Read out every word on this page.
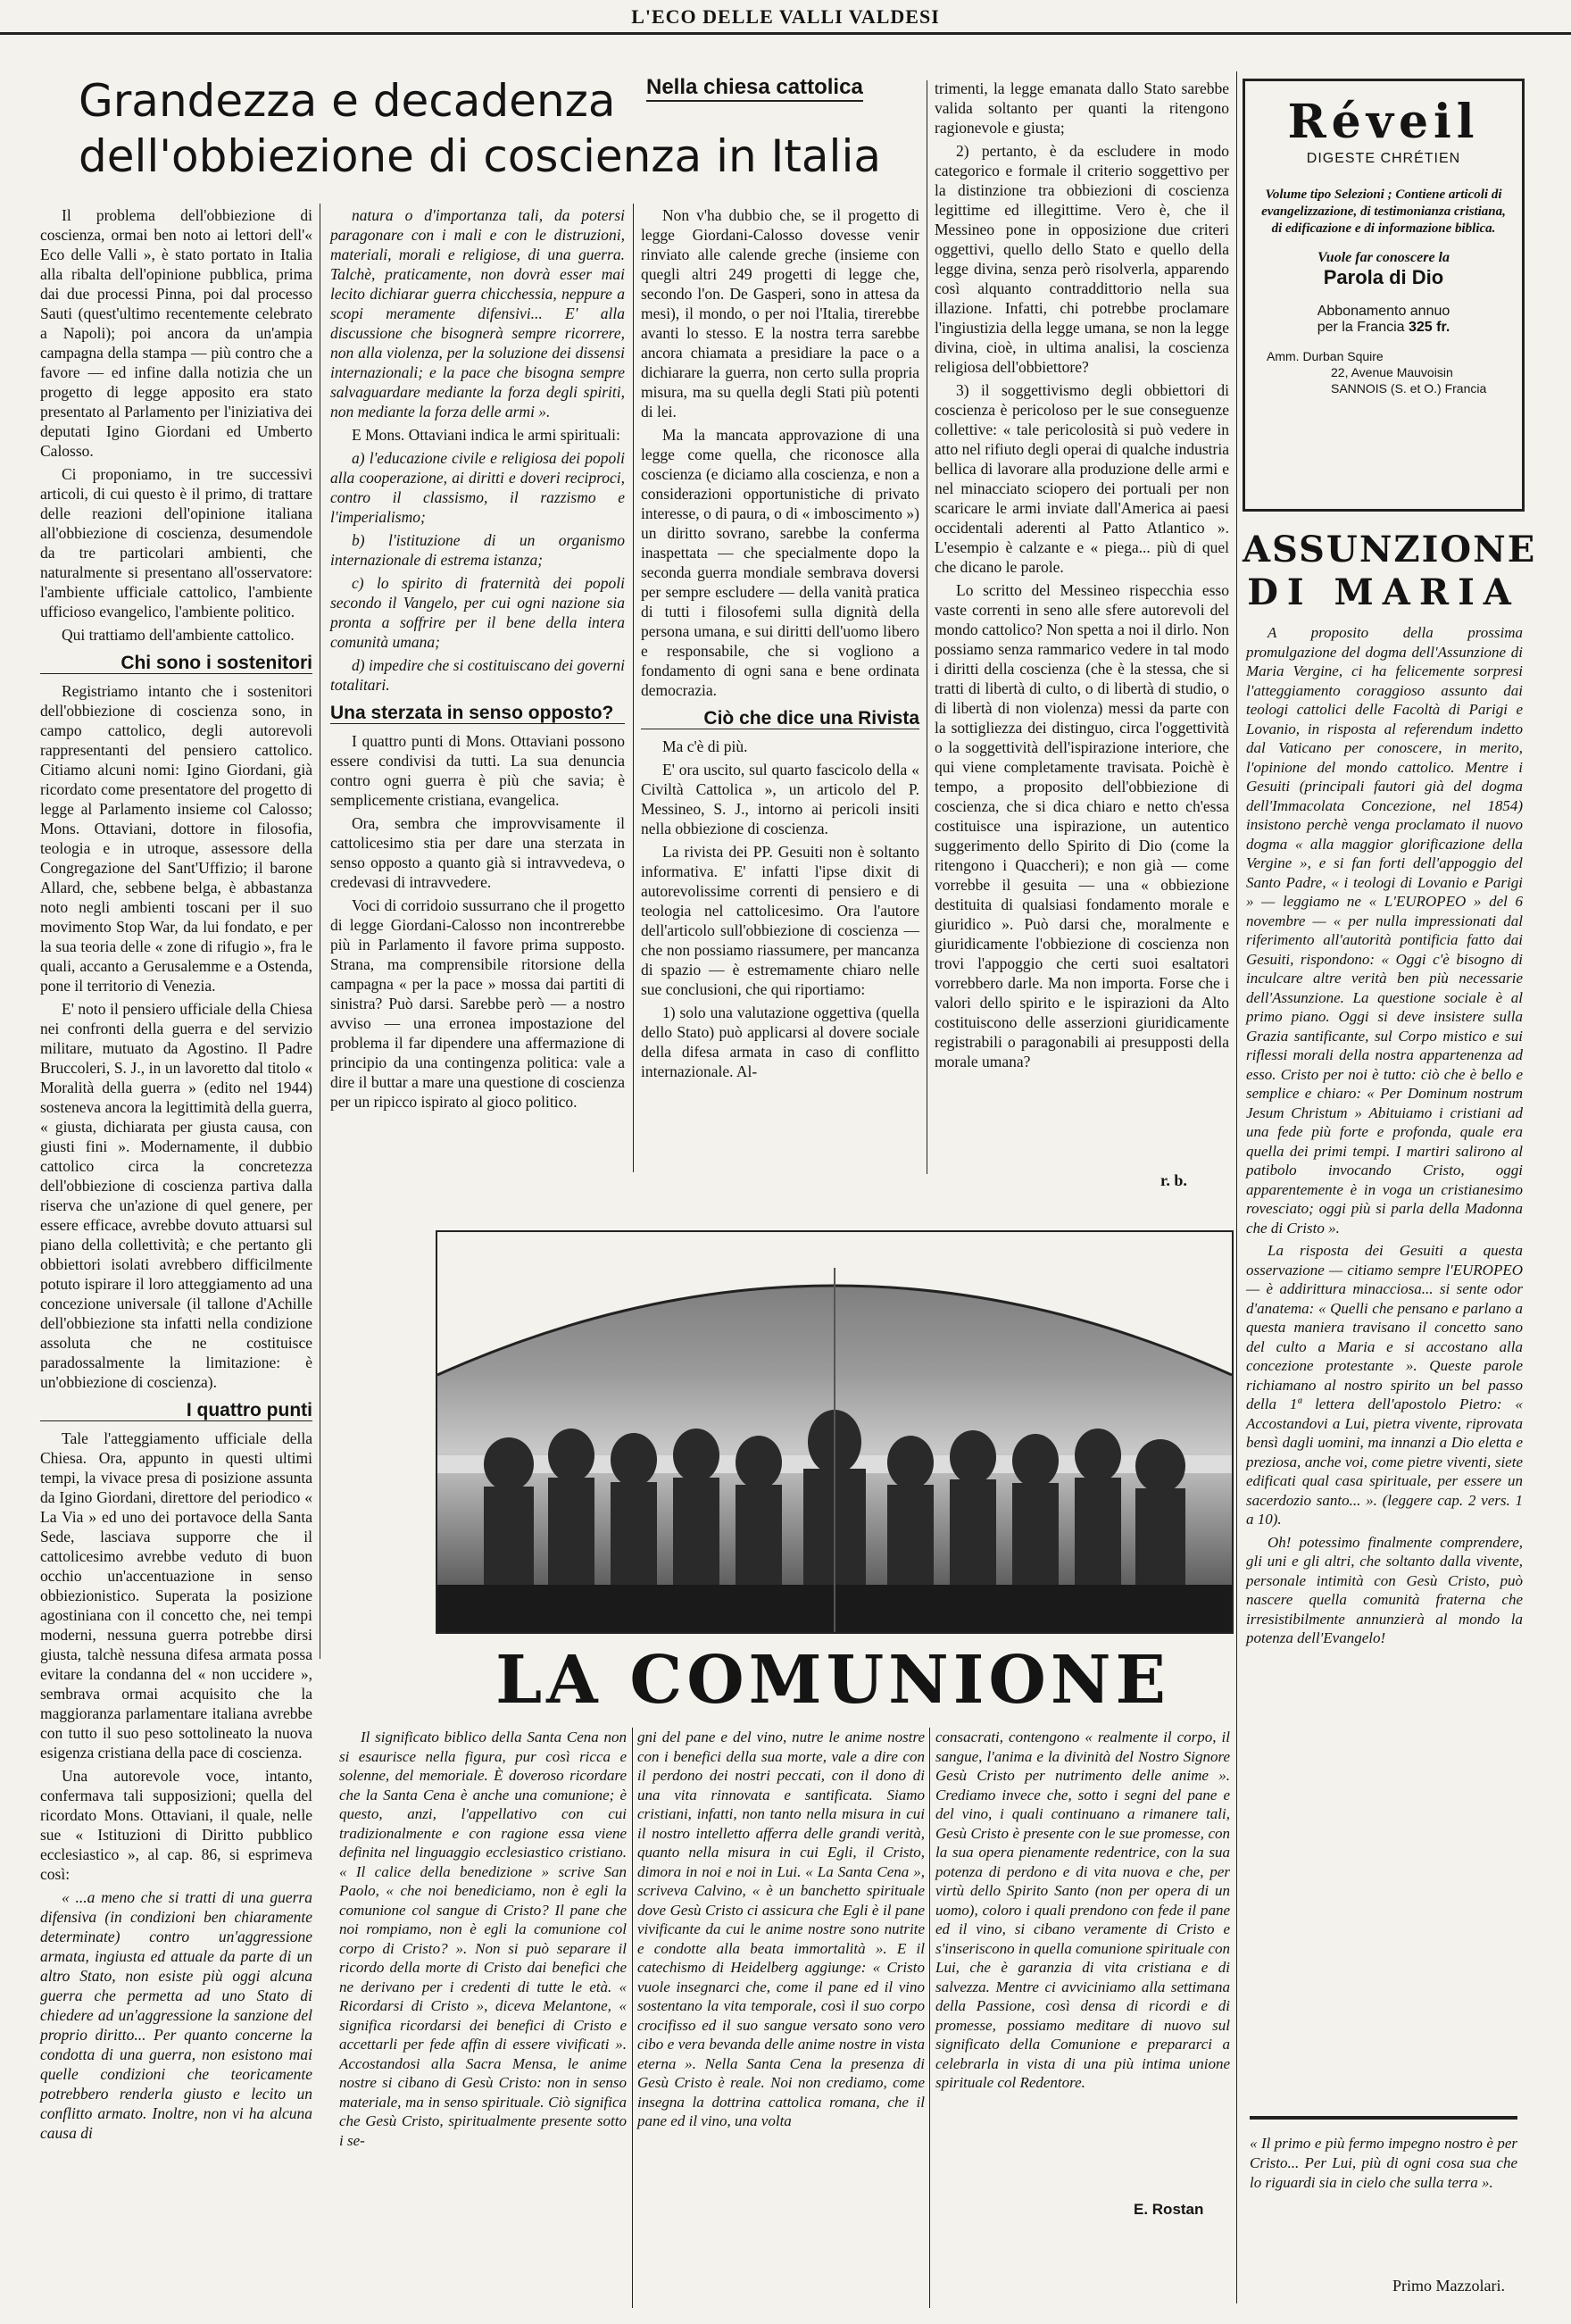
L'ECO DELLE VALLI VALDESI
Grandezza e decadenza
dell'obbiezione di coscienza in Italia
Nella chiesa cattolica

Il problema dell'obbiezione di coscienza, ormai ben noto ai lettori dell'« Eco delle Valli », è stato portato in Italia alla ribalta dell'opinione pubblica, prima dai due processi Pinna, poi dal processo Sauti (quest'ultimo recentemente celebrato a Napoli); poi ancora da un'ampia campagna della stampa — più contro che a favore — ed infine dalla notizia che un progetto di legge apposito era stato presentato al Parlamento per l'iniziativa dei deputati Igino Giordani ed Umberto Calosso.

Ci proponiamo, in tre successivi articoli, di cui questo è il primo, di trattare delle reazioni dell'opinione italiana all'obbiezione di coscienza, desumendole da tre particolari ambienti, che naturalmente si presentano all'osservatore: l'ambiente ufficiale cattolico, l'ambiente ufficioso evangelico, l'ambiente politico.

Qui trattiamo dell'ambiente cattolico.

Chi sono i sostenitori

Registriamo intanto che i sostenitori dell'obbiezione di coscienza sono, in campo cattolico, degli autorevoli rappresentanti del pensiero cattolico. Citiamo alcuni nomi: Igino Giordani, già ricordato come presentatore del progetto di legge al Parlamento insieme col Calosso; Mons. Ottaviani, dottore in filosofia, teologia e in utroque, assessore della Congregazione del Sant'Uffizio; il barone Allard, che, sebbene belga, è abbastanza noto negli ambienti toscani per il suo movimento Stop War, da lui fondato, e per la sua teoria delle « zone di rifugio », fra le quali, accanto a Gerusalemme e a Ostenda, pone il territorio di Venezia.

E' noto il pensiero ufficiale della Chiesa nei confronti della guerra e del servizio militare, mutuato da Agostino. Il Padre Bruccoleri, S. J., in un lavoretto dal titolo « Moralità della guerra » (edito nel 1944) sosteneva ancora la legittimità della guerra, « giusta, dichiarata per giusta causa, con giusti fini ». Modernamente, il dubbio cattolico circa la concretezza dell'obbiezione di coscienza partiva dalla riserva che un'azione di quel genere, per essere efficace, avrebbe dovuto attuarsi sul piano della collettività; e che pertanto gli obbiettori isolati avrebbero difficilmente potuto ispirare il loro atteggiamento ad una concezione universale (il tallone d'Achille dell'obbiezione sta infatti nella condizione assoluta che ne costituisce paradossalmente la limitazione: è un'obbiezione di coscienza).

I quattro punti

Tale l'atteggiamento ufficiale della Chiesa. Ora, appunto in questi ultimi tempi, la vivace presa di posizione assunta da Igino Giordani, direttore del periodico « La Via » ed uno dei portavoce della Santa Sede, lasciava supporre che il cattolicesimo avrebbe veduto di buon occhio un'accentuazione in senso obbiezionistico. Superata la posizione agostiniana con il concetto che, nei tempi moderni, nessuna guerra potrebbe dirsi giusta, talchè nessuna difesa armata possa evitare la condanna del « non uccidere », sembrava ormai acquisito che la maggioranza parlamentare italiana avrebbe con tutto il suo peso sottolineato la nuova esigenza cristiana della pace di coscienza.

Una autorevole voce, intanto, confermava tali supposizioni; quella del ricordato Mons. Ottaviani, il quale, nelle sue « Istituzioni di Diritto pubblico ecclesiastico », al cap. 86, si esprimeva così:

« ...a meno che si tratti di una guerra difensiva (in condizioni ben chiaramente determinate) contro un'aggressione armata, ingiusta ed attuale da parte di un altro Stato, non esiste più oggi alcuna guerra che permetta ad uno Stato di chiedere ad un'aggressione la sanzione del proprio diritto... Per quanto concerne la condotta di una guerra, non esistono mai quelle condizioni che teoricamente potrebbero renderla giusto e lecito un conflitto armato. Inoltre, non vi ha alcuna causa di

natura o d'importanza tali, da potersi paragonare con i mali e con le distruzioni, materiali, morali e religiose, di una guerra. Talchè, praticamente, non dovrà esser mai lecito dichiarar guerra chicchessia, neppure a scopi meramente difensivi... E' alla discussione che bisognerà sempre ricorrere, non alla violenza, per la soluzione dei dissensi internazionali; e la pace che bisogna sempre salvaguardare mediante la forza degli spiriti, non mediante la forza delle armi ».

E Mons. Ottaviani indica le armi spirituali:

a) l'educazione civile e religiosa dei popoli alla cooperazione, ai diritti e doveri reciproci, contro il classismo, il razzismo e l'imperialismo;

b) l'istituzione di un organismo internazionale di estrema istanza;

c) lo spirito di fraternità dei popoli secondo il Vangelo, per cui ogni nazione sia pronta a soffrire per il bene della intera comunità umana;

d) impedire che si costituiscano dei governi totalitari.

Una sterzata in senso opposto?

I quattro punti di Mons. Ottaviani possono essere condivisi da tutti. La sua denuncia contro ogni guerra è più che savia; è semplicemente cristiana, evangelica.

Ora, sembra che improvvisamente il cattolicesimo stia per dare una sterzata in senso opposto a quanto già si intravvedeva, o credevasi di intravvedere.

Voci di corridoio sussurrano che il progetto di legge Giordani-Calosso non incontrerebbe più in Parlamento il favore prima supposto. Strana, ma comprensibile ritorsione della campagna « per la pace » mossa dai partiti di sinistra? Può darsi. Sarebbe però — a nostro avviso — una erronea impostazione del problema il far dipendere una affermazione di principio da una contingenza politica: vale a dire il buttar a mare una questione di coscienza per un ripicco ispirato al gioco politico.

Non v'ha dubbio che, se il progetto di legge Giordani-Calosso dovesse venir rinviato alle calende greche (insieme con quegli altri 249 progetti di legge che, secondo l'on. De Gasperi, sono in attesa da mesi), il mondo, o per noi l'Italia, tirerebbe avanti lo stesso. E la nostra terra sarebbe ancora chiamata a presidiare la pace o a dichiarare la guerra, non certo sulla propria misura, ma su quella degli Stati più potenti di lei.

Ma la mancata approvazione di una legge come quella, che riconosce alla coscienza (e diciamo alla coscienza, e non a considerazioni opportunistiche di privato interesse, o di paura, o di « imboscimento ») un diritto sovrano, sarebbe la conferma inaspettata — che specialmente dopo la seconda guerra mondiale sembrava doversi per sempre escludere — della vanità pratica di tutti i filosofemi sulla dignità della persona umana, e sui diritti dell'uomo libero e responsabile, che si vogliono a fondamento di ogni sana e bene ordinata democrazia.

Ciò che dice una Rivista

Ma c'è di più.

E' ora uscito, sul quarto fascicolo della « Civiltà Cattolica », un articolo del P. Messineo, S. J., intorno ai pericoli insiti nella obbiezione di coscienza.

La rivista dei PP. Gesuiti non è soltanto informativa. E' infatti l'ipse dixit di autorevolissime correnti di pensiero e di teologia nel cattolicesimo. Ora l'autore dell'articolo sull'obbiezione di coscienza — che non possiamo riassumere, per mancanza di spazio — è estremamente chiaro nelle sue conclusioni, che qui riportiamo:

1) solo una valutazione oggettiva (quella dello Stato) può applicarsi al dovere sociale della difesa armata in caso di conflitto internazionale. Al-

trimenti, la legge emanata dallo Stato sarebbe valida soltanto per quanti la ritengono ragionevole e giusta;

2) pertanto, è da escludere in modo categorico e formale il criterio soggettivo per la distinzione tra obbiezioni di coscienza legittime ed illegittime. Vero è, che il Messineo pone in opposizione due criteri oggettivi, quello dello Stato e quello della legge divina, senza però risolverla, apparendo così alquanto contraddittorio nella sua illazione. Infatti, chi potrebbe proclamare l'ingiustizia della legge umana, se non la legge divina, cioè, in ultima analisi, la coscienza religiosa dell'obbiettore?

3) il soggettivismo degli obbiettori di coscienza è pericoloso per le sue conseguenze collettive: « tale pericolosità si può vedere in atto nel rifiuto degli operai di qualche industria bellica di lavorare alla produzione delle armi e nel minacciato sciopero dei portuali per non scaricare le armi inviate dall'America ai paesi occidentali aderenti al Patto Atlantico ». L'esempio è calzante e « piega... più di quel che dicano le parole.

Lo scritto del Messineo rispecchia esso vaste correnti in seno alle sfere autorevoli del mondo cattolico? Non spetta a noi il dirlo. Non possiamo senza rammarico vedere in tal modo i diritti della coscienza (che è la stessa, che si tratti di libertà di culto, o di libertà di studio, o di libertà di non violenza) messi da parte con la sottigliezza dei distinguo, circa l'oggettività o la soggettività dell'ispirazione interiore, che qui viene completamente travisata. Poichè è tempo, a proposito dell'obbiezione di coscienza, che si dica chiaro e netto ch'essa costituisce una ispirazione, un autentico suggerimento dello Spirito di Dio (come la ritengono i Quaccheri); e non già — come vorrebbe il gesuita — una « obbiezione destituita di qualsiasi fondamento morale e giuridico ». Può darsi che, moralmente e giuridicamente l'obbiezione di coscienza non trovi l'appoggio che certi suoi esaltatori vorrebbero darle. Ma non importa. Forse che i valori dello spirito e le ispirazioni da Alto costituiscono delle asserzioni giuridicamente registrabili o paragonabili ai presupposti della morale umana?

r. b.
Réveil
DIGESTE CHRÉTIEN
Volume tipo Selezioni ; Contiene articoli di evangelizzazione, di testimonianza cristiana, di edificazione e di informazione biblica.
Vuole far conoscere la
Parola di Dio
Abbonamento annuo
per la Francia 325 fr.
Amm. Durban Squire
22, Avenue Mauvoisin
SANNOIS (S. et O.) Francia
ASSUNZIONE
DI MARIA

A proposito della prossima promulgazione del dogma dell'Assunzione di Maria Vergine, ci ha felicemente sorpresi l'atteggiamento coraggioso assunto dai teologi cattolici delle Facoltà di Parigi e Lovanio, in risposta al referendum indetto dal Vaticano per conoscere, in merito, l'opinione del mondo cattolico. Mentre i Gesuiti (principali fautori già del dogma dell'Immacolata Concezione, nel 1854) insistono perchè venga proclamato il nuovo dogma « alla maggior glorificazione della Vergine », e si fan forti dell'appoggio del Santo Padre, « i teologi di Lovanio e Parigi » — leggiamo ne « L'EUROPEO » del 6 novembre — « per nulla impressionati dal riferimento all'autorità pontificia fatto dai Gesuiti, rispondono: « Oggi c'è bisogno di inculcare altre verità ben più necessarie dell'Assunzione. La questione sociale è al primo piano. Oggi si deve insistere sulla Grazia santificante, sul Corpo mistico e sui riflessi morali della nostra appartenenza ad esso. Cristo per noi è tutto: ciò che è bello e semplice e chiaro: « Per Dominum nostrum Jesum Christum » Abituiamo i cristiani ad una fede più forte e profonda, quale era quella dei primi tempi. I martiri salirono al patibolo invocando Cristo, oggi apparentemente è in voga un cristianesimo rovesciato; oggi più si parla della Madonna che di Cristo ».

La risposta dei Gesuiti a questa osservazione — citiamo sempre l'EUROPEO — è addirittura minacciosa... si sente odor d'anatema: « Quelli che pensano e parlano a questa maniera travisano il concetto sano del culto a Maria e si accostano alla concezione protestante ». Queste parole richiamano al nostro spirito un bel passo della 1ª lettera dell'apostolo Pietro: « Accostandovi a Lui, pietra vivente, riprovata bensì dagli uomini, ma innanzi a Dio eletta e preziosa, anche voi, come pietre viventi, siete edificati qual casa spirituale, per essere un sacerdozio santo... ». (leggere cap. 2 vers. 1 a 10).

Oh! potessimo finalmente comprendere, gli uni e gli altri, che soltanto dalla vivente, personale intimità con Gesù Cristo, può nascere quella comunità fraterna che irresistibilmente annunzierà al mondo la potenza dell'Evangelo!

« Il primo e più fermo impegno nostro è per Cristo... Per Lui, più di ogni cosa sua che lo riguardi sia in cielo che sulla terra ».

Primo Mazzolari.
LA COMUNIONE

Il significato biblico della Santa Cena non si esaurisce nella figura, pur così ricca e solenne, del memoriale. È doveroso ricordare che la Santa Cena è anche una comunione; è questo, anzi, l'appellativo con cui tradizionalmente e con ragione essa viene definita nel linguaggio ecclesiastico cristiano. « Il calice della benedizione » scrive San Paolo, « che noi benediciamo, non è egli la comunione col sangue di Cristo? Il pane che noi rompiamo, non è egli la comunione col corpo di Cristo? ». Non si può separare il ricordo della morte di Cristo dai benefici che ne derivano per i credenti di tutte le età. « Ricordarsi di Cristo », diceva Melantone, « significa ricordarsi dei benefici di Cristo e accettarli per fede affin di essere vivificati ». Accostandosi alla Sacra Mensa, le anime nostre si cibano di Gesù Cristo: non in senso materiale, ma in senso spirituale. Ciò significa che Gesù Cristo, spiritualmente presente sotto i se-

gni del pane e del vino, nutre le anime nostre con i benefici della sua morte, vale a dire con il perdono dei nostri peccati, con il dono di una vita rinnovata e santificata. Siamo cristiani, infatti, non tanto nella misura in cui il nostro intelletto afferra delle grandi verità, quanto nella misura in cui Egli, il Cristo, dimora in noi e noi in Lui. « La Santa Cena », scriveva Calvino, « è un banchetto spirituale dove Gesù Cristo ci assicura che Egli è il pane vivificante da cui le anime nostre sono nutrite e condotte alla beata immortalità ». E il catechismo di Heidelberg aggiunge: « Cristo vuole insegnarci che, come il pane ed il vino sostentano la vita temporale, così il suo corpo crocifisso ed il suo sangue versato sono vero cibo e vera bevanda delle anime nostre in vista eterna ». Nella Santa Cena la presenza di Gesù Cristo è reale. Noi non crediamo, come insegna la dottrina cattolica romana, che il pane ed il vino, una volta

consacrati, contengono « realmente il corpo, il sangue, l'anima e la divinità del Nostro Signore Gesù Cristo per nutrimento delle anime ». Crediamo invece che, sotto i segni del pane e del vino, i quali continuano a rimanere tali, Gesù Cristo è presente con le sue promesse, con la sua opera pienamente redentrice, con la sua potenza di perdono e di vita nuova e che, per virtù dello Spirito Santo (non per opera di un uomo), coloro i quali prendono con fede il pane ed il vino, si cibano veramente di Cristo e s'inseriscono in quella comunione spirituale con Lui, che è garanzia di vita cristiana e di salvezza. Mentre ci avviciniamo alla settimana della Passione, così densa di ricordi e di promesse, possiamo meditare di nuovo sul significato della Comunione e prepararci a celebrarla in vista di una più intima unione spirituale col Redentore.

E. Rostan
